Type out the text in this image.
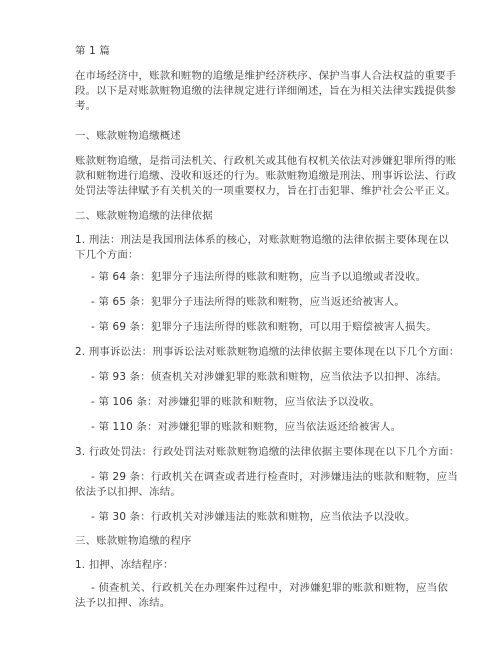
第 1 篇
在市场经济中，账款和赃物的追缴是维护经济秩序、保护当事人合法权益的重要手
段。以下是对账款赃物追缴的法律规定进行详细阐述，旨在为相关法律实践提供参
考。
一、账款赃物追缴概述
账款赃物追缴，是指司法机关、行政机关或其他有权机关依法对涉嫌犯罪所得的账
款和赃物进行追缴、没收和返还的行为。账款赃物追缴是刑法、刑事诉讼法、行政
处罚法等法律赋予有关机关的一项重要权力，旨在打击犯罪、维护社会公平正义。
二、账款赃物追缴的法律依据
1. 刑法：刑法是我国刑法体系的核心，对账款赃物追缴的法律依据主要体现在以
下几个方面：
- 第 64 条：犯罪分子违法所得的账款和赃物，应当予以追缴或者没收。
- 第 65 条：犯罪分子违法所得的账款和赃物，应当返还给被害人。
- 第 69 条：犯罪分子违法所得的账款和赃物，可以用于赔偿被害人损失。
2. 刑事诉讼法：刑事诉讼法对账款赃物追缴的法律依据主要体现在以下几个方面：
- 第 93 条：侦查机关对涉嫌犯罪的账款和赃物，应当依法予以扣押、冻结。
- 第 106 条：对涉嫌犯罪的账款和赃物，应当依法予以没收。
- 第 110 条：对涉嫌犯罪的账款和赃物，应当依法返还给被害人。
3. 行政处罚法：行政处罚法对账款赃物追缴的法律依据主要体现在以下几个方面：
- 第 29 条：行政机关在调查或者进行检查时，对涉嫌违法的账款和赃物，应当
依法予以扣押、冻结。
- 第 30 条：行政机关对涉嫌违法的账款和赃物，应当依法予以没收。
三、账款赃物追缴的程序
1. 扣押、冻结程序：
- 侦查机关、行政机关在办理案件过程中，对涉嫌犯罪的账款和赃物，应当依
法予以扣押、冻结。
